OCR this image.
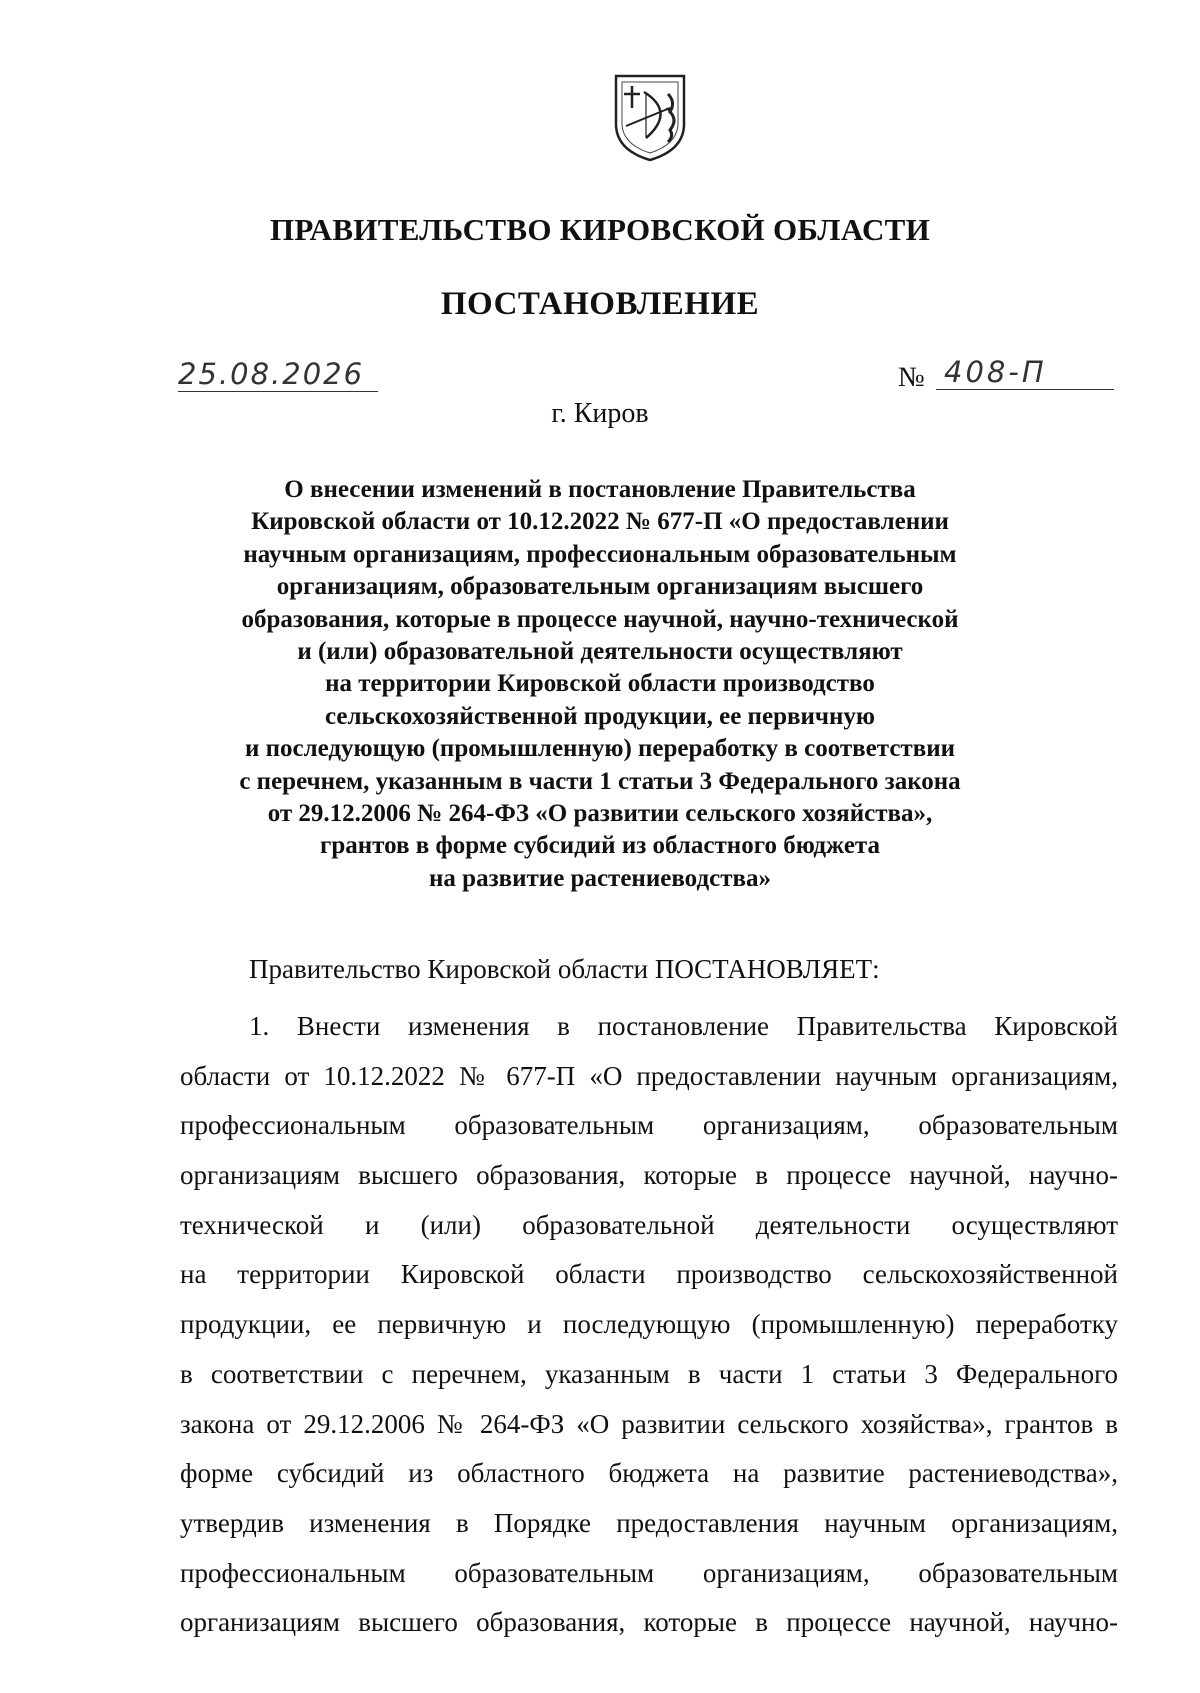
ПРАВИТЕЛЬСТВО КИРОВСКОЙ ОБЛАСТИ
ПОСТАНОВЛЕНИЕ
25.08.2026	№ 408-П
г. Киров
О внесении изменений в постановление Правительства
Кировской области от 10.12.2022 № 677-П «О предоставлении
научным организациям, профессиональным образовательным
организациям, образовательным организациям высшего
образования, которые в процессе научной, научно-технической
и (или) образовательной деятельности осуществляют
на территории Кировской области производство
сельскохозяйственной продукции, ее первичную
и последующую (промышленную) переработку в соответствии
с перечнем, указанным в части 1 статьи 3 Федерального закона
от 29.12.2006 № 264-ФЗ «О развитии сельского хозяйства»,
грантов в форме субсидий из областного бюджета
на развитие растениеводства»
Правительство Кировской области ПОСТАНОВЛЯЕТ:
1. Внести изменения в постановление Правительства Кировской
области от 10.12.2022 № 677-П «О предоставлении научным организациям,
профессиональным образовательным организациям, образовательным
организациям высшего образования, которые в процессе научной, научно-
технической и (или) образовательной деятельности осуществляют
на территории Кировской области производство сельскохозяйственной
продукции, ее первичную и последующую (промышленную) переработку
в соответствии с перечнем, указанным в части 1 статьи 3 Федерального
закона от 29.12.2006 № 264-ФЗ «О развитии сельского хозяйства», грантов в
форме субсидий из областного бюджета на развитие растениеводства»,
утвердив изменения в Порядке предоставления научным организациям,
профессиональным образовательным организациям, образовательным
организациям высшего образования, которые в процессе научной, научно-
